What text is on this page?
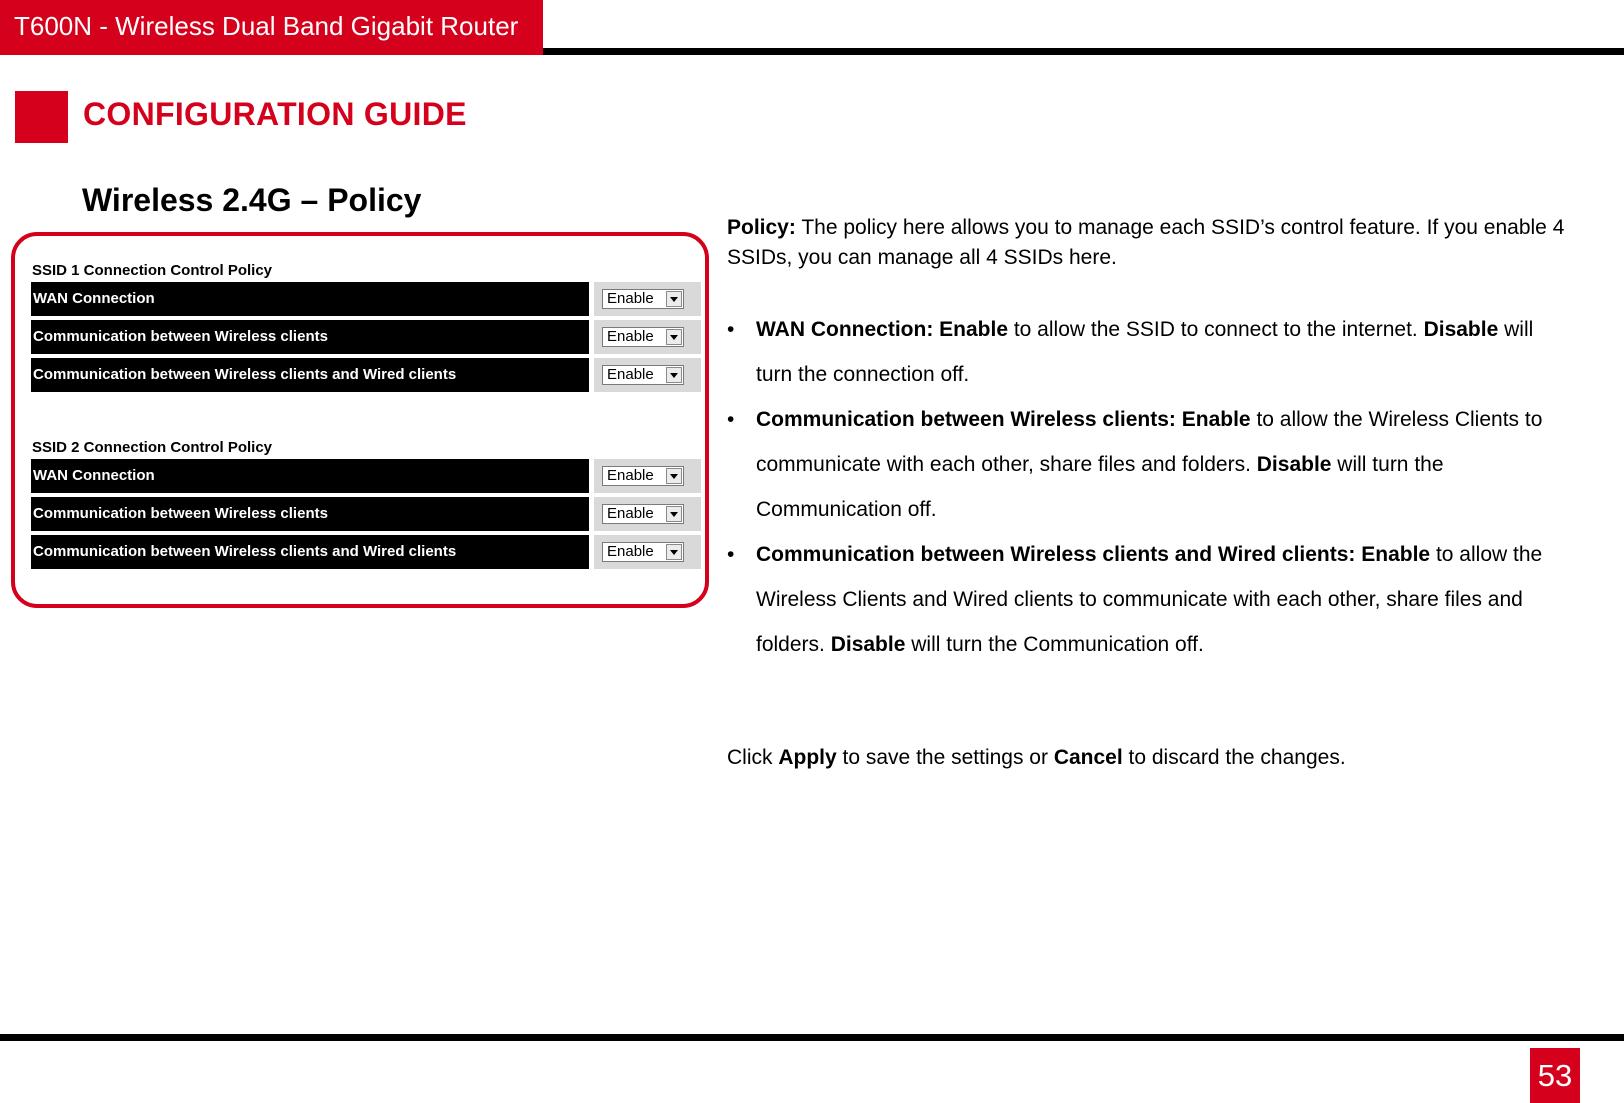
T600N - Wireless Dual Band Gigabit Router
CONFIGURATION GUIDE
Wireless 2.4G – Policy
SSID 1 Connection Control Policy
WAN Connection	Enable
Communication between Wireless clients	Enable
Communication between Wireless clients and Wired clients	Enable
SSID 2 Connection Control Policy
WAN Connection	Enable
Communication between Wireless clients	Enable
Communication between Wireless clients and Wired clients	Enable
Policy: The policy here allows you to manage each SSID’s control feature. If you enable 4 SSIDs, you can manage all 4 SSIDs here.
• WAN Connection: Enable to allow the SSID to connect to the internet. Disable will turn the connection off.
• Communication between Wireless clients: Enable to allow the Wireless Clients to communicate with each other, share files and folders. Disable will turn the Communication off.
• Communication between Wireless clients and Wired clients: Enable to allow the Wireless Clients and Wired clients to communicate with each other, share files and folders. Disable will turn the Communication off.
Click Apply to save the settings or Cancel to discard the changes.
53
